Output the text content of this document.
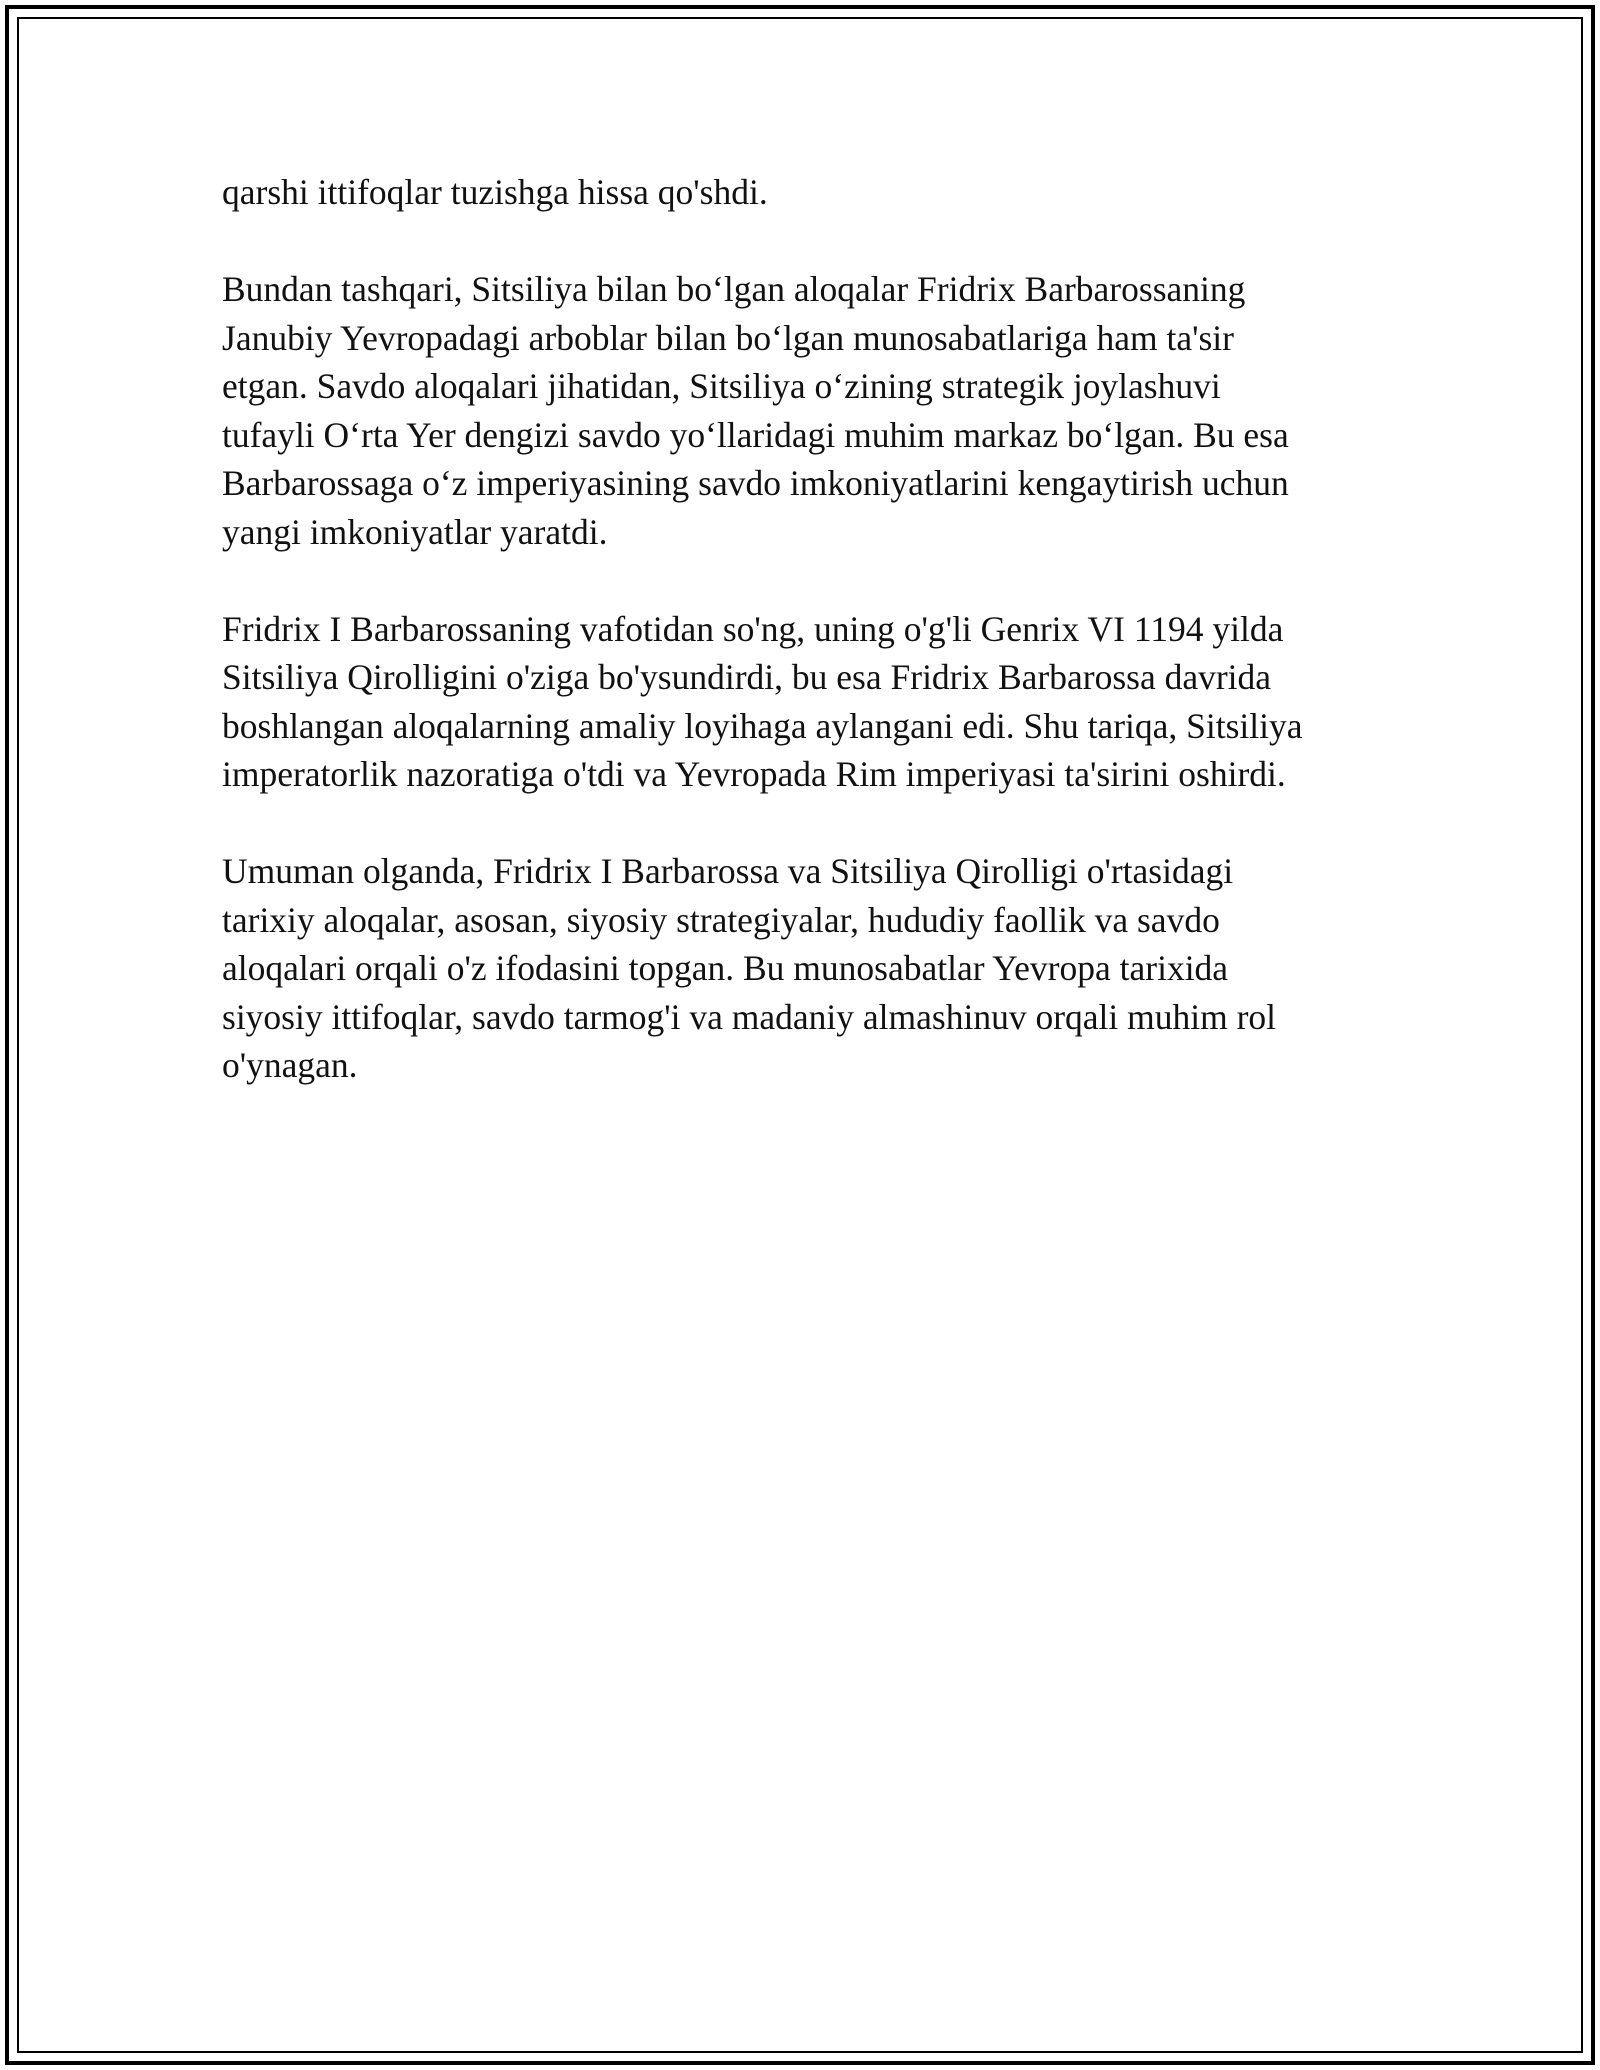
qarshi ittifoqlar tuzishga hissa qo'shdi.

Bundan tashqari, Sitsiliya bilan bo‘lgan aloqalar Fridrix Barbarossaning
Janubiy Yevropadagi arboblar bilan bo‘lgan munosabatlariga ham ta'sir
etgan. Savdo aloqalari jihatidan, Sitsiliya o‘zining strategik joylashuvi
tufayli O‘rta Yer dengizi savdo yo‘llaridagi muhim markaz bo‘lgan. Bu esa
Barbarossaga o‘z imperiyasining savdo imkoniyatlarini kengaytirish uchun
yangi imkoniyatlar yaratdi.

Fridrix I Barbarossaning vafotidan so'ng, uning o'g'li Genrix VI 1194 yilda
Sitsiliya Qirolligini o'ziga bo'ysundirdi, bu esa Fridrix Barbarossa davrida
boshlangan aloqalarning amaliy loyihaga aylangani edi. Shu tariqa, Sitsiliya
imperatorlik nazoratiga o'tdi va Yevropada Rim imperiyasi ta'sirini oshirdi.

Umuman olganda, Fridrix I Barbarossa va Sitsiliya Qirolligi o'rtasidagi
tarixiy aloqalar, asosan, siyosiy strategiyalar, hududiy faollik va savdo
aloqalari orqali o'z ifodasini topgan. Bu munosabatlar Yevropa tarixida
siyosiy ittifoqlar, savdo tarmog'i va madaniy almashinuv orqali muhim rol
o'ynagan.
